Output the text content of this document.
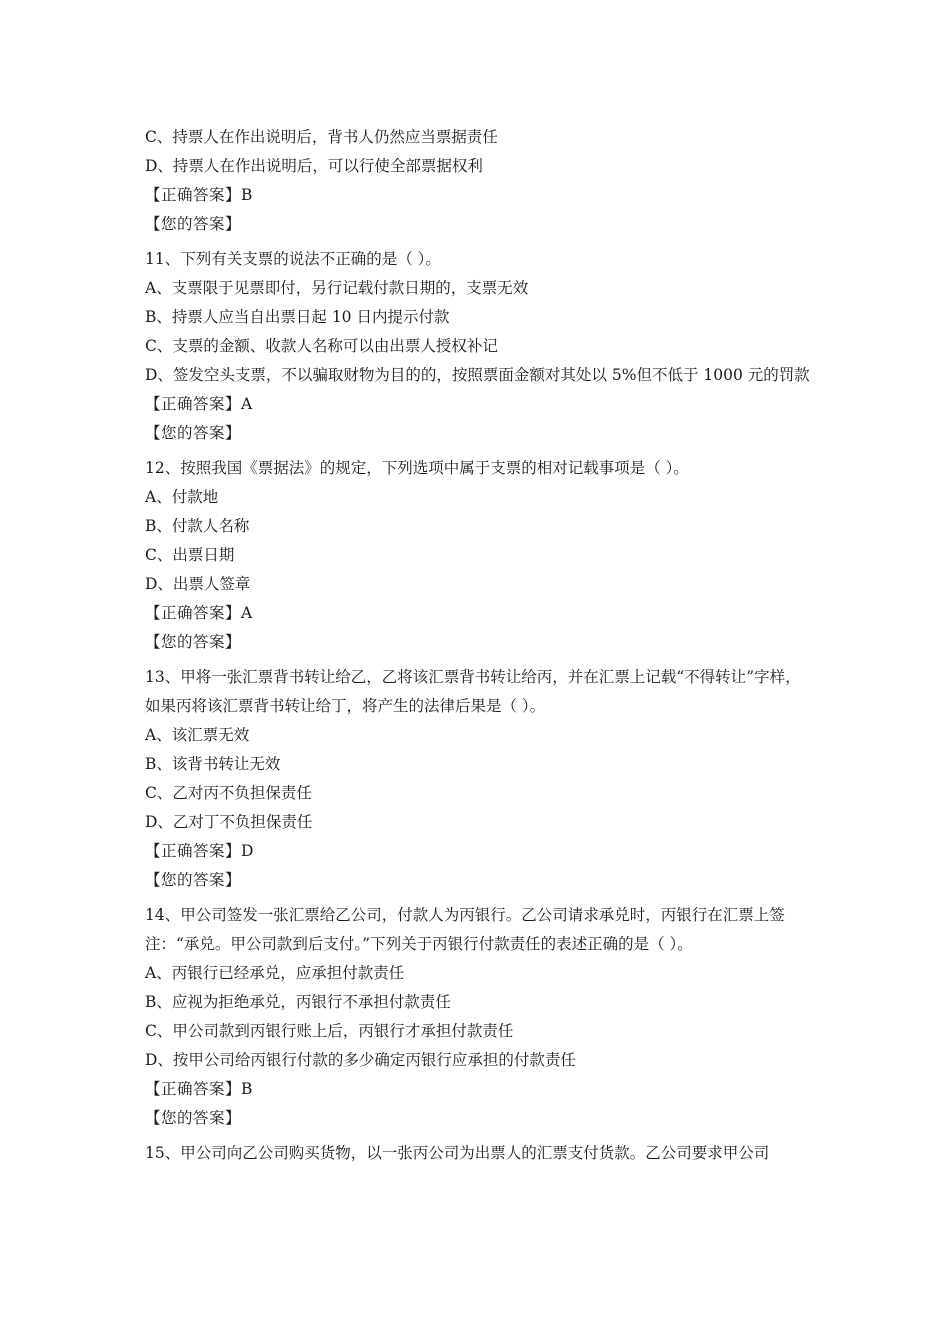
C、持票人在作出说明后，背书人仍然应当票据责任
D、持票人在作出说明后，可以行使全部票据权利
【正确答案】B
【您的答案】
11、下列有关支票的说法不正确的是（ ）。
A、支票限于见票即付，另行记载付款日期的，支票无效
B、持票人应当自出票日起 10 日内提示付款
C、支票的金额、收款人名称可以由出票人授权补记
D、签发空头支票，不以骗取财物为目的的，按照票面金额对其处以 5%但不低于 1000 元的罚款
【正确答案】A
【您的答案】
12、按照我国《票据法》的规定，下列选项中属于支票的相对记载事项是（ ）。
A、付款地
B、付款人名称
C、出票日期
D、出票人签章
【正确答案】A
【您的答案】
13、甲将一张汇票背书转让给乙，乙将该汇票背书转让给丙，并在汇票上记载“不得转让”字样，如果丙将该汇票背书转让给丁，将产生的法律后果是（ ）。
A、该汇票无效
B、该背书转让无效
C、乙对丙不负担保责任
D、乙对丁不负担保责任
【正确答案】D
【您的答案】
14、甲公司签发一张汇票给乙公司，付款人为丙银行。乙公司请求承兑时，丙银行在汇票上签注：“承兑。甲公司款到后支付。”下列关于丙银行付款责任的表述正确的是（ ）。
A、丙银行已经承兑，应承担付款责任
B、应视为拒绝承兑，丙银行不承担付款责任
C、甲公司款到丙银行账上后，丙银行才承担付款责任
D、按甲公司给丙银行付款的多少确定丙银行应承担的付款责任
【正确答案】B
【您的答案】
15、甲公司向乙公司购买货物，以一张丙公司为出票人的汇票支付货款。乙公司要求甲公司
